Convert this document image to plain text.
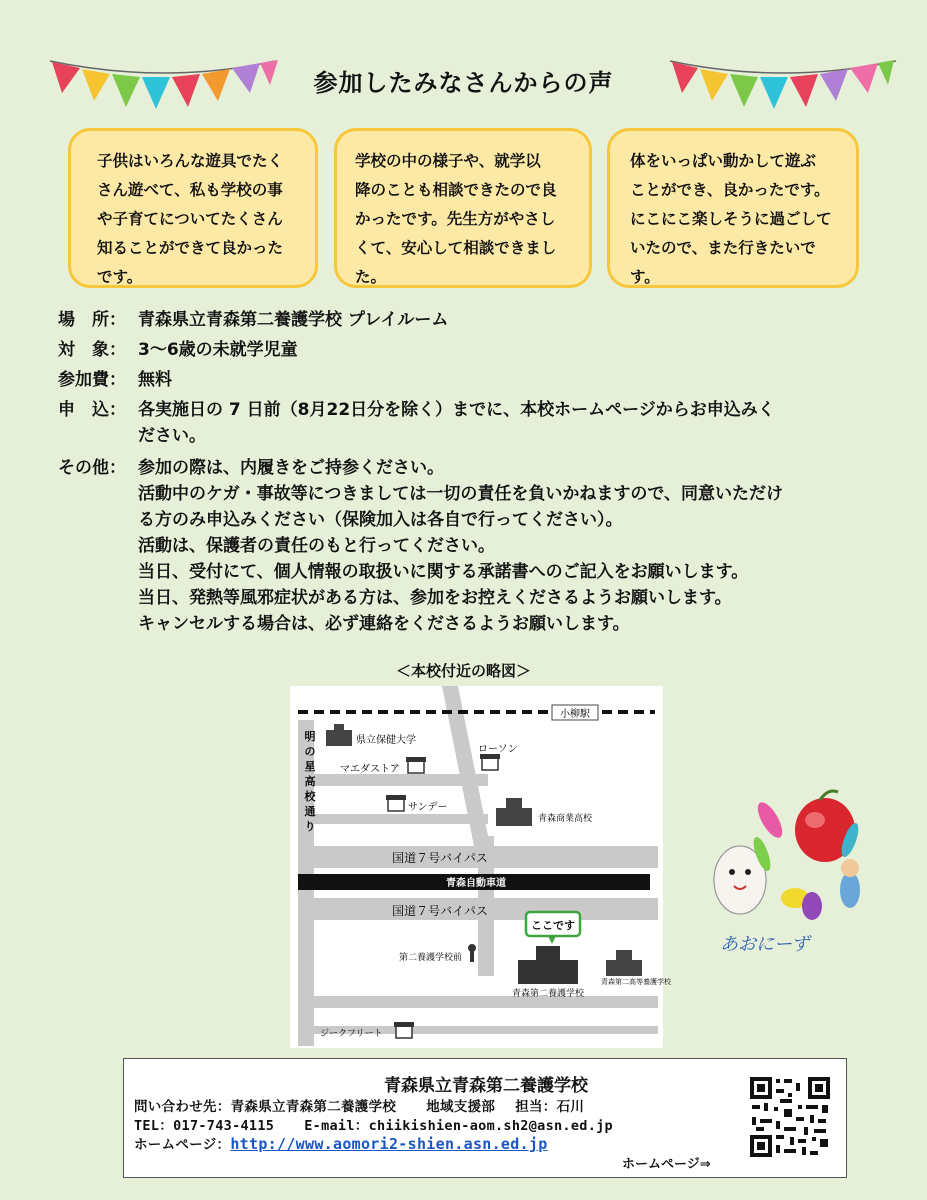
参加したみなさんからの声
子供はいろんな遊具でたく
さん遊べて、私も学校の事
や子育てについてたくさん
知ることができて良かった
です。
学校の中の様子や、就学以
降のことも相談できたので良
かったです。先生方がやさし
くて、安心して相談できまし
た。
体をいっぱい動かして遊ぶ
ことができ、良かったです。
にこにこ楽しそうに過ごして
いたので、また行きたいで
す。
場　所： 青森県立青森第二養護学校 プレイルーム
対　象： 3～6歳の未就学児童
参加費： 無料
申　込： 各実施日の 7 日前（8月22日分を除く）までに、本校ホームページからお申込みく
ださい。
その他： 参加の際は、内履きをご持参ください。
活動中のケガ・事故等につきましては一切の責任を負いかねますので、同意いただけ
る方のみ申込みください（保険加入は各自で行ってください）。
活動は、保護者の責任のもと行ってください。
当日、受付にて、個人情報の取扱いに関する承諾書へのご記入をお願いします。
当日、発熱等風邪症状がある方は、参加をお控えくださるようお願いします。
キャンセルする場合は、必ず連絡をくださるようお願いします。
＜本校付近の略図＞
小柳駅
明
の
星
高
校
通
り
県立保健大学
ローソン
マエダストア
サンデー
青森商業高校
国道７号バイパス
青森自動車道
国道７号バイパス
ここです
青森第二養護学校
青森第二高等養護学校
第二養護学校前
ジークフリート
あおにーず
青森県立青森第二養護学校
問い合わせ先：青森県立青森第二養護学校 地域支援部 担当：石川
TEL：017-743-4115 E-mail：chiikishien-aom.sh2@asn.ed.jp
ホームページ：http://www.aomori2-shien.asn.ed.jp
ホームページ⇒
